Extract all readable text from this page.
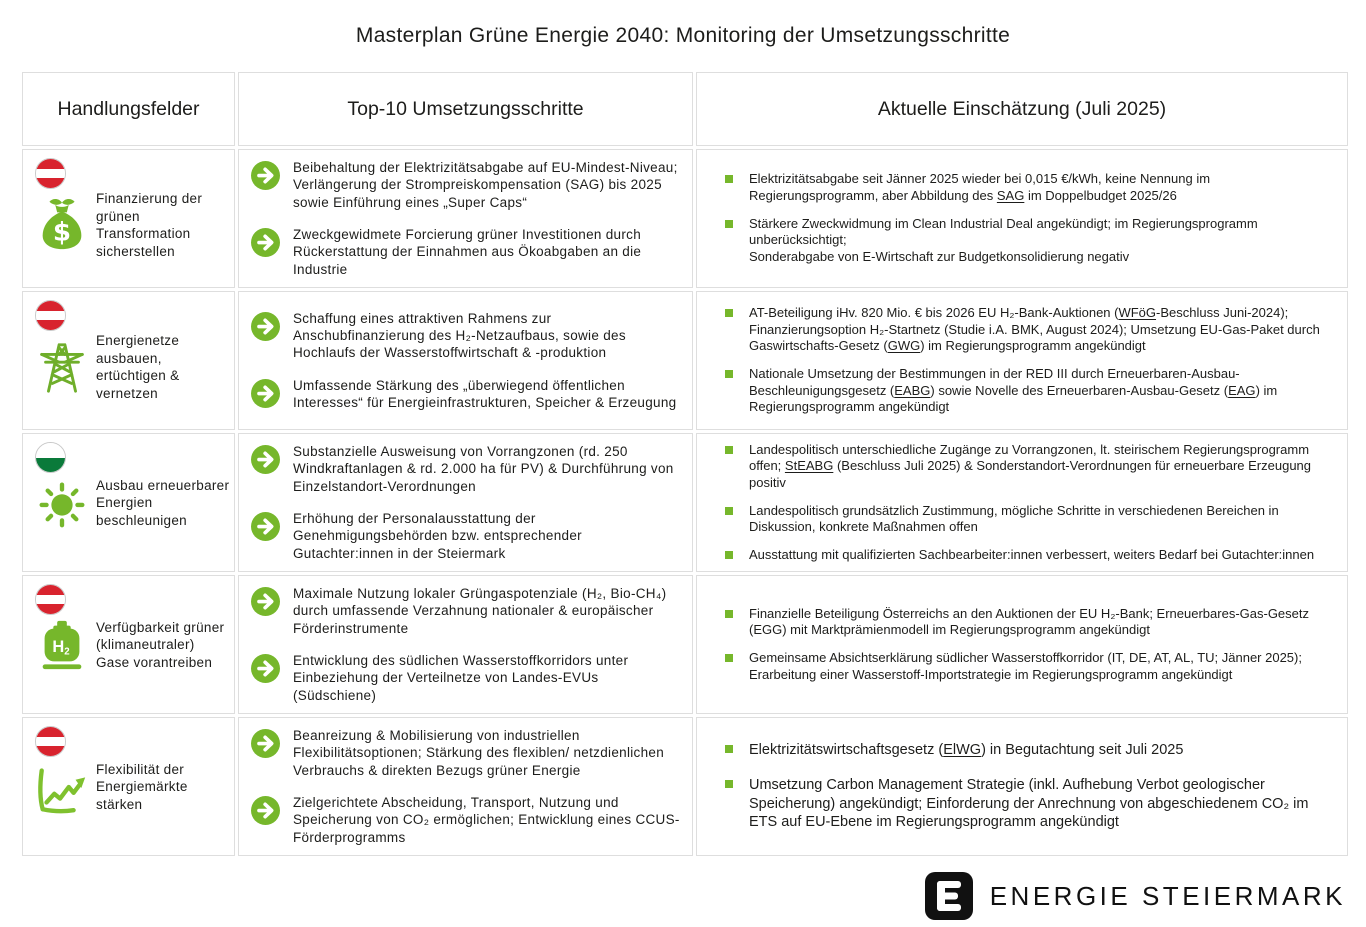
Masterplan Grüne Energie 2040: Monitoring der Umsetzungsschritte
Handlungsfelder	Top-10 Umsetzungsschritte	Aktuelle Einschätzung (Juli 2025)
$
Finanzierung der grünen Transformation sicherstellen
Beibehaltung der Elektrizitätsabgabe auf EU-Mindest-Niveau; Verlängerung der Strompreiskompensation (SAG) bis 2025 sowie Einführung eines „Super Caps“
Zweckgewidmete Forcierung grüner Investitionen durch Rückerstattung der Einnahmen aus Ökoabgaben an die Industrie
Elektrizitätsabgabe seit Jänner 2025 wieder bei 0,015 €/kWh, keine Nennung im Regierungsprogramm, aber Abbildung des SAG im Doppelbudget 2025/26
Stärkere Zweckwidmung im Clean Industrial Deal angekündigt; im Regierungsprogramm unberücksichtigt;
Sonderabgabe von E-Wirtschaft zur Budgetkonsolidierung negativ
Energienetze ausbauen, ertüchtigen & vernetzen
Schaffung eines attraktiven Rahmens zur Anschubfinanzierung des H₂-Netzaufbaus, sowie des Hochlaufs der Wasserstoffwirtschaft & -produktion
Umfassende Stärkung des „überwiegend öffentlichen Interesses“ für Energieinfrastrukturen, Speicher & Erzeugung
AT-Beteiligung iHv. 820 Mio. € bis 2026 EU H₂-Bank-Auktionen (WFöG-Beschluss Juni-2024); Finanzierungsoption H₂-Startnetz (Studie i.A. BMK, August 2024); Umsetzung EU-Gas-Paket durch Gaswirtschafts-Gesetz (GWG) im Regierungsprogramm angekündigt
Nationale Umsetzung der Bestimmungen in der RED III durch Erneuerbaren-Ausbau-Beschleunigungsgesetz (EABG) sowie Novelle des Erneuerbaren-Ausbau-Gesetz (EAG) im Regierungsprogramm angekündigt
Ausbau erneuerbarer Energien beschleunigen
Substanzielle Ausweisung von Vorrangzonen (rd. 250 Windkraftanlagen & rd. 2.000 ha für PV) & Durchführung von Einzelstandort-Verordnungen
Erhöhung der Personalausstattung der Genehmigungsbehörden bzw. entsprechender Gutachter:innen in der Steiermark
Landespolitisch unterschiedliche Zugänge zu Vorrangzonen, lt. steirischem Regierungsprogramm offen; StEABG (Beschluss Juli 2025) & Sonderstandort-Verordnungen für erneuerbare Erzeugung positiv
Landespolitisch grundsätzlich Zustimmung, mögliche Schritte in verschiedenen Bereichen in Diskussion, konkrete Maßnahmen offen
Ausstattung mit qualifizierten Sachbearbeiter:innen verbessert, weiters Bedarf bei Gutachter:innen
H2
Verfügbarkeit grüner (klimaneutraler) Gase vorantreiben
Maximale Nutzung lokaler Grüngaspotenziale (H₂, Bio-CH₄) durch umfassende Verzahnung nationaler & europäischer Förderinstrumente
Entwicklung des südlichen Wasserstoffkorridors unter Einbeziehung der Verteilnetze von Landes-EVUs (Südschiene)
Finanzielle Beteiligung Österreichs an den Auktionen der EU H₂-Bank; Erneuerbares-Gas-Gesetz (EGG) mit Marktprämienmodell im Regierungsprogramm angekündigt
Gemeinsame Absichtserklärung südlicher Wasserstoffkorridor (IT, DE, AT, AL, TU; Jänner 2025); Erarbeitung einer Wasserstoff-Importstrategie im Regierungsprogramm angekündigt
Flexibilität der Energiemärkte stärken
Beanreizung & Mobilisierung von industriellen Flexibilitätsoptionen; Stärkung des flexiblen/ netzdienlichen Verbrauchs & direkten Bezugs grüner Energie
Zielgerichtete Abscheidung, Transport, Nutzung und Speicherung von CO₂ ermöglichen; Entwicklung eines CCUS-Förderprogramms
Elektrizitätswirtschaftsgesetz (ElWG) in Begutachtung seit Juli 2025
Umsetzung Carbon Management Strategie (inkl. Aufhebung Verbot geologischer Speicherung) angekündigt; Einforderung der Anrechnung von abgeschiedenem CO₂ im ETS auf EU-Ebene im Regierungsprogramm angekündigt
ENERGIE STEIERMARK
